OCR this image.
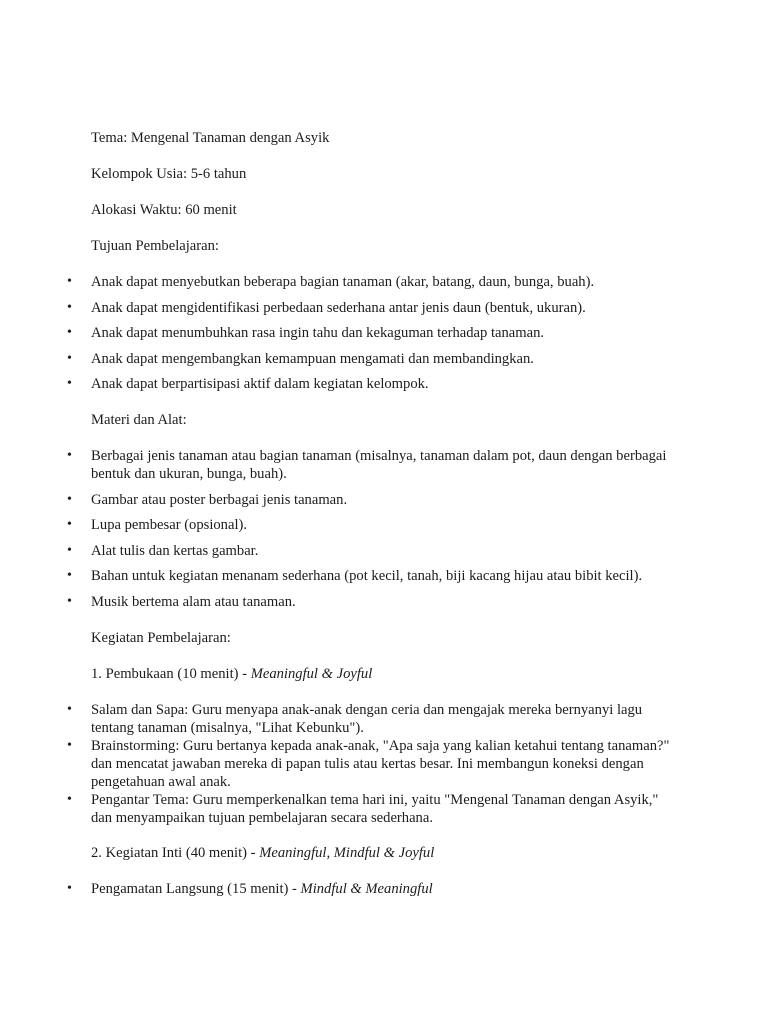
Tema: Mengenal Tanaman dengan Asyik

Kelompok Usia: 5-6 tahun

Alokasi Waktu: 60 menit

Tujuan Pembelajaran:

• Anak dapat menyebutkan beberapa bagian tanaman (akar, batang, daun, bunga, buah).
• Anak dapat mengidentifikasi perbedaan sederhana antar jenis daun (bentuk, ukuran).
• Anak dapat menumbuhkan rasa ingin tahu dan kekaguman terhadap tanaman.
• Anak dapat mengembangkan kemampuan mengamati dan membandingkan.
• Anak dapat berpartisipasi aktif dalam kegiatan kelompok.

Materi dan Alat:

• Berbagai jenis tanaman atau bagian tanaman (misalnya, tanaman dalam pot, daun dengan berbagai bentuk dan ukuran, bunga, buah).
• Gambar atau poster berbagai jenis tanaman.
• Lupa pembesar (opsional).
• Alat tulis dan kertas gambar.
• Bahan untuk kegiatan menanam sederhana (pot kecil, tanah, biji kacang hijau atau bibit kecil).
• Musik bertema alam atau tanaman.

Kegiatan Pembelajaran:

1. Pembukaan (10 menit) - Meaningful & Joyful

• Salam dan Sapa: Guru menyapa anak-anak dengan ceria dan mengajak mereka bernyanyi lagu tentang tanaman (misalnya, "Lihat Kebunku").
• Brainstorming: Guru bertanya kepada anak-anak, "Apa saja yang kalian ketahui tentang tanaman?" dan mencatat jawaban mereka di papan tulis atau kertas besar. Ini membangun koneksi dengan pengetahuan awal anak.
• Pengantar Tema: Guru memperkenalkan tema hari ini, yaitu "Mengenal Tanaman dengan Asyik," dan menyampaikan tujuan pembelajaran secara sederhana.

2. Kegiatan Inti (40 menit) - Meaningful, Mindful & Joyful

• Pengamatan Langsung (15 menit) - Mindful & Meaningful
